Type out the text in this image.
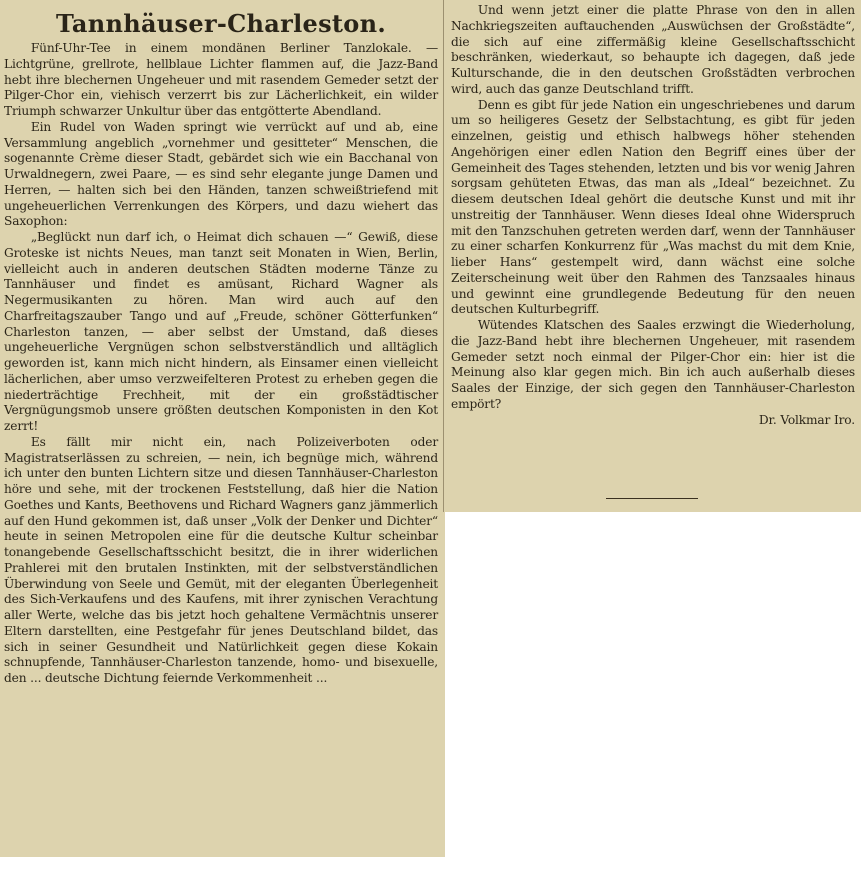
Tannhäuser-Charleston.

Fünf-Uhr-Tee in einem mondänen Berliner Tanzlokale. — Lichtgrüne, grellrote, hellblaue Lichter flammen auf, die Jazz-Band hebt ihre blechernen Ungeheuer und mit rasendem Gemeder setzt der Pilger-Chor ein, viehisch verzerrt bis zur Lächerlichkeit, ein wilder Triumph schwarzer Unkultur über das entgötterte Abendland.

Ein Rudel von Waden springt wie verrückt auf und ab, eine Versammlung angeblich „vornehmer und gesitteter“ Menschen, die sogenannte Crème dieser Stadt, gebärdet sich wie ein Bacchanal von Urwaldnegern, zwei Paare, — es sind sehr elegante junge Damen und Herren, — halten sich bei den Händen, tanzen schweißtriefend mit ungeheuerlichen Verrenkungen des Körpers, und dazu wiehert das Saxophon:

„Beglückt nun darf ich, o Heimat dich schauen —“ Gewiß, diese Groteske ist nichts Neues, man tanzt seit Monaten in Wien, Berlin, vielleicht auch in anderen deutschen Städten moderne Tänze zu Tannhäuser und findet es amüsant, Richard Wagner als Negermusikanten zu hören. Man wird auch auf den Charfreitagszauber Tango und auf „Freude, schöner Götterfunken“ Charleston tanzen, — aber selbst der Umstand, daß dieses ungeheuerliche Vergnügen schon selbstverständlich und alltäglich geworden ist, kann mich nicht hindern, als Einsamer einen vielleicht lächerlichen, aber umso verzweifelteren Protest zu erheben gegen die niederträchtige Frechheit, mit der ein großstädtischer Vergnügungsmob unsere größten deutschen Komponisten in den Kot zerrt!

Es fällt mir nicht ein, nach Polizeiverboten oder Magistratserlässen zu schreien, — nein, ich begnüge mich, während ich unter den bunten Lichtern sitze und diesen Tannhäuser-Charleston höre und sehe, mit der trockenen Feststellung, daß hier die Nation Goethes und Kants, Beethovens und Richard Wagners ganz jämmerlich auf den Hund gekommen ist, daß unser „Volk der Denker und Dichter“ heute in seinen Metropolen eine für die deutsche Kultur scheinbar tonangebende Gesellschaftsschicht besitzt, die in ihrer widerlichen Prahlerei mit den brutalen Instinkten, mit der selbstverständlichen Überwindung von Seele und Gemüt, mit der eleganten Überlegenheit des Sich-Verkaufens und des Kaufens, mit ihrer zynischen Verachtung aller Werte, welche das bis jetzt hoch gehaltene Vermächtnis unserer Eltern darstellten, eine Pestgefahr für jenes Deutschland bildet, das sich in seiner Gesundheit und Natürlichkeit gegen diese Kokain schnupfende, Tannhäuser-Charleston tanzende, homo- und bisexuelle, den ... deutsche Dichtung feiernde Verkommenheit ...

Und wenn jetzt einer die platte Phrase von den in allen Nachkriegszeiten auftauchenden „Auswüchsen der Großstädte“, die sich auf eine ziffermäßig kleine Gesellschaftsschicht beschränken, wiederkaut, so behaupte ich dagegen, daß jede Kulturschande, die in den deutschen Großstädten verbrochen wird, auch das ganze Deutschland trifft.

Denn es gibt für jede Nation ein ungeschriebenes und darum um so heiligeres Gesetz der Selbstachtung, es gibt für jeden einzelnen, geistig und ethisch halbwegs höher stehenden Angehörigen einer edlen Nation den Begriff eines über der Gemeinheit des Tages stehenden, letzten und bis vor wenig Jahren sorgsam gehüteten Etwas, das man als „Ideal“ bezeichnet. Zu diesem deutschen Ideal gehört die deutsche Kunst und mit ihr unstreitig der Tannhäuser. Wenn dieses Ideal ohne Widerspruch mit den Tanzschuhen getreten werden darf, wenn der Tannhäuser zu einer scharfen Konkurrenz für „Was machst du mit dem Knie, lieber Hans“ gestempelt wird, dann wächst eine solche Zeiterscheinung weit über den Rahmen des Tanzsaales hinaus und gewinnt eine grundlegende Bedeutung für den neuen deutschen Kulturbegriff.

Wütendes Klatschen des Saales erzwingt die Wiederholung, die Jazz-Band hebt ihre blechernen Ungeheuer, mit rasendem Gemeder setzt noch einmal der Pilger-Chor ein: hier ist die Meinung also klar gegen mich. Bin ich auch außerhalb dieses Saales der Einzige, der sich gegen den Tannhäuser-Charleston empört?

Dr. Volkmar Iro.
